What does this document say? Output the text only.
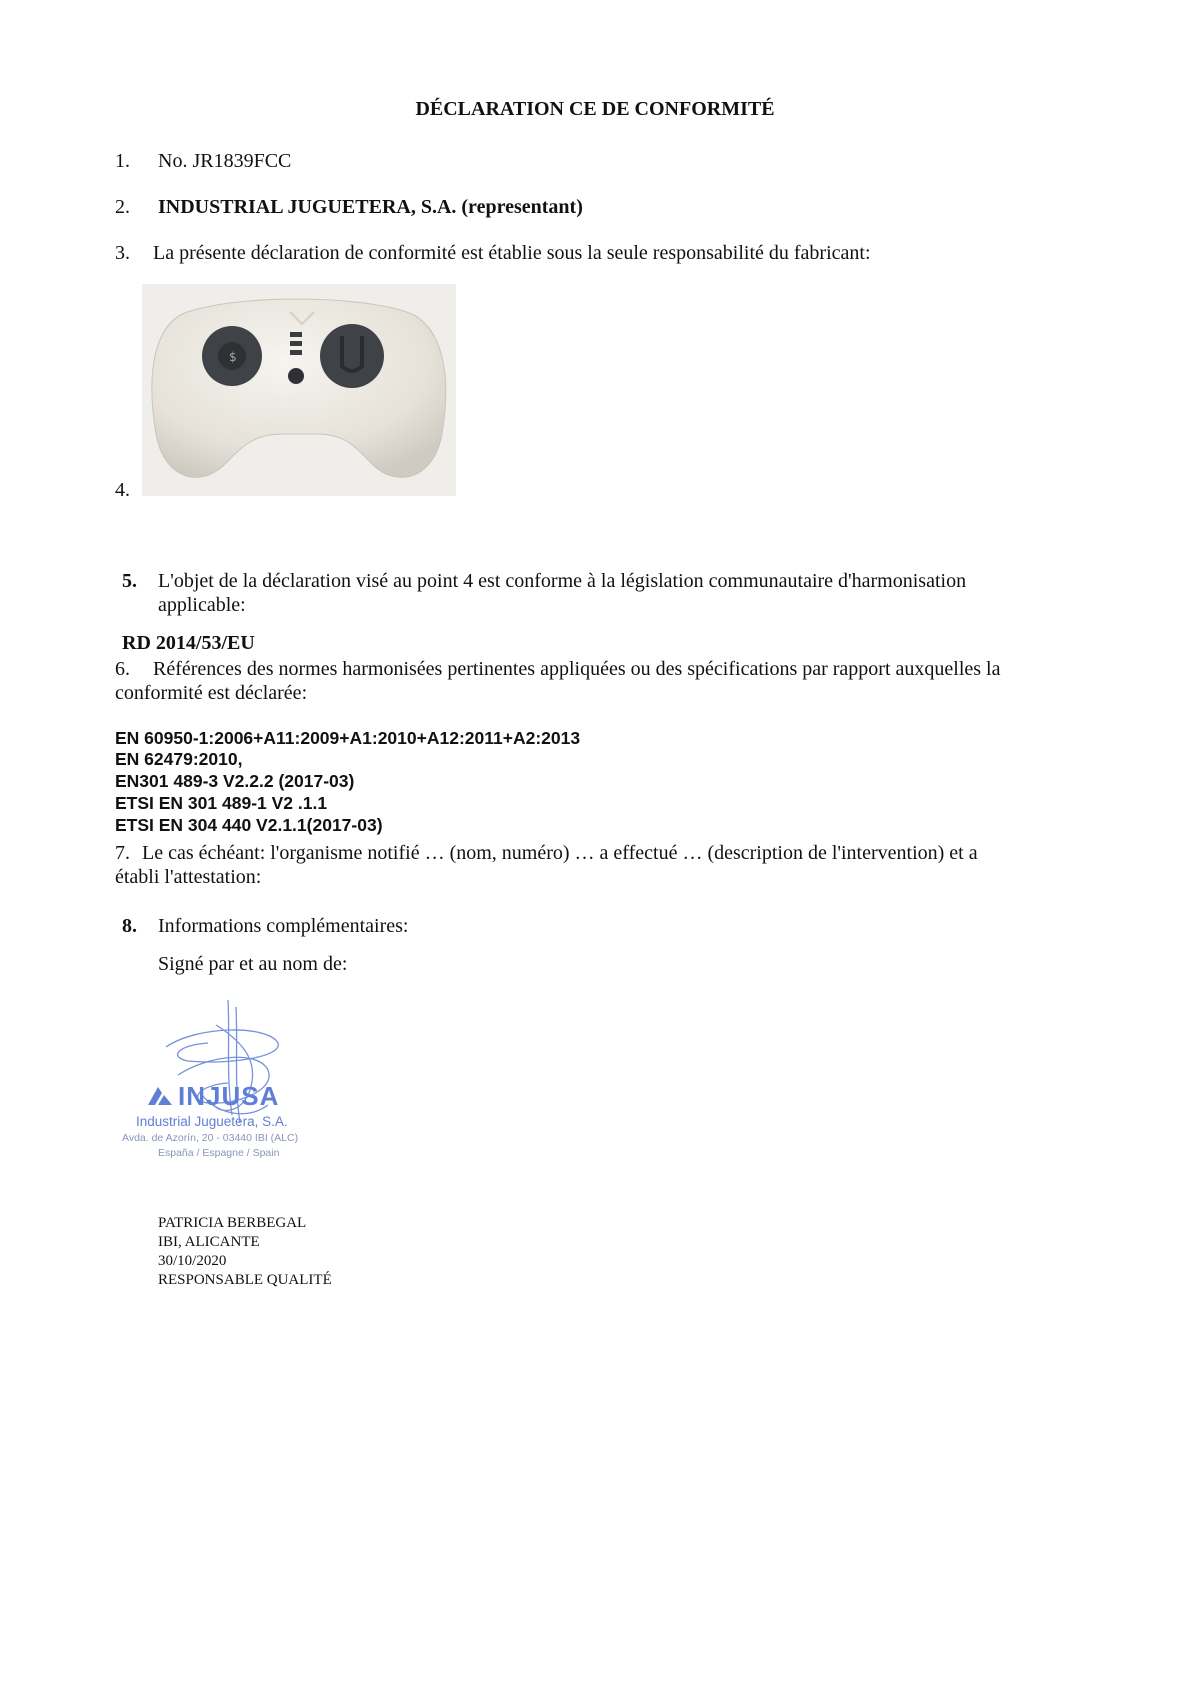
DÉCLARATION CE DE CONFORMITÉ
1. No. JR1839FCC
2. INDUSTRIAL JUGUETERA, S.A. (representant)
3. La présente déclaration de conformité est établie sous la seule responsabilité du fabricant:
4.
$
5. L'objet de la déclaration visé au point 4 est conforme à la législation communautaire d'harmonisation
applicable:
RD 2014/53/EU
6. Références des normes harmonisées pertinentes appliquées ou des spécifications par rapport auxquelles la
conformité est déclarée:
EN 60950-1:2006+A11:2009+A1:2010+A12:2011+A2:2013
EN 62479:2010,
EN301 489-3 V2.2.2 (2017-03)
ETSI EN 301 489-1 V2 .1.1
ETSI EN 304 440 V2.1.1(2017-03)
7. Le cas échéant: l'organisme notifié … (nom, numéro) … a effectué … (description de l'intervention) et a
établi l'attestation:
8. Informations complémentaires:
Signé par et au nom de:
INJUSA
Industrial Juguetera, S.A.
Avda. de Azorín, 20 - 03440 IBI (ALC)
España / Espagne / Spain
PATRICIA BERBEGAL
IBI, ALICANTE
30/10/2020
RESPONSABLE QUALITÉ
